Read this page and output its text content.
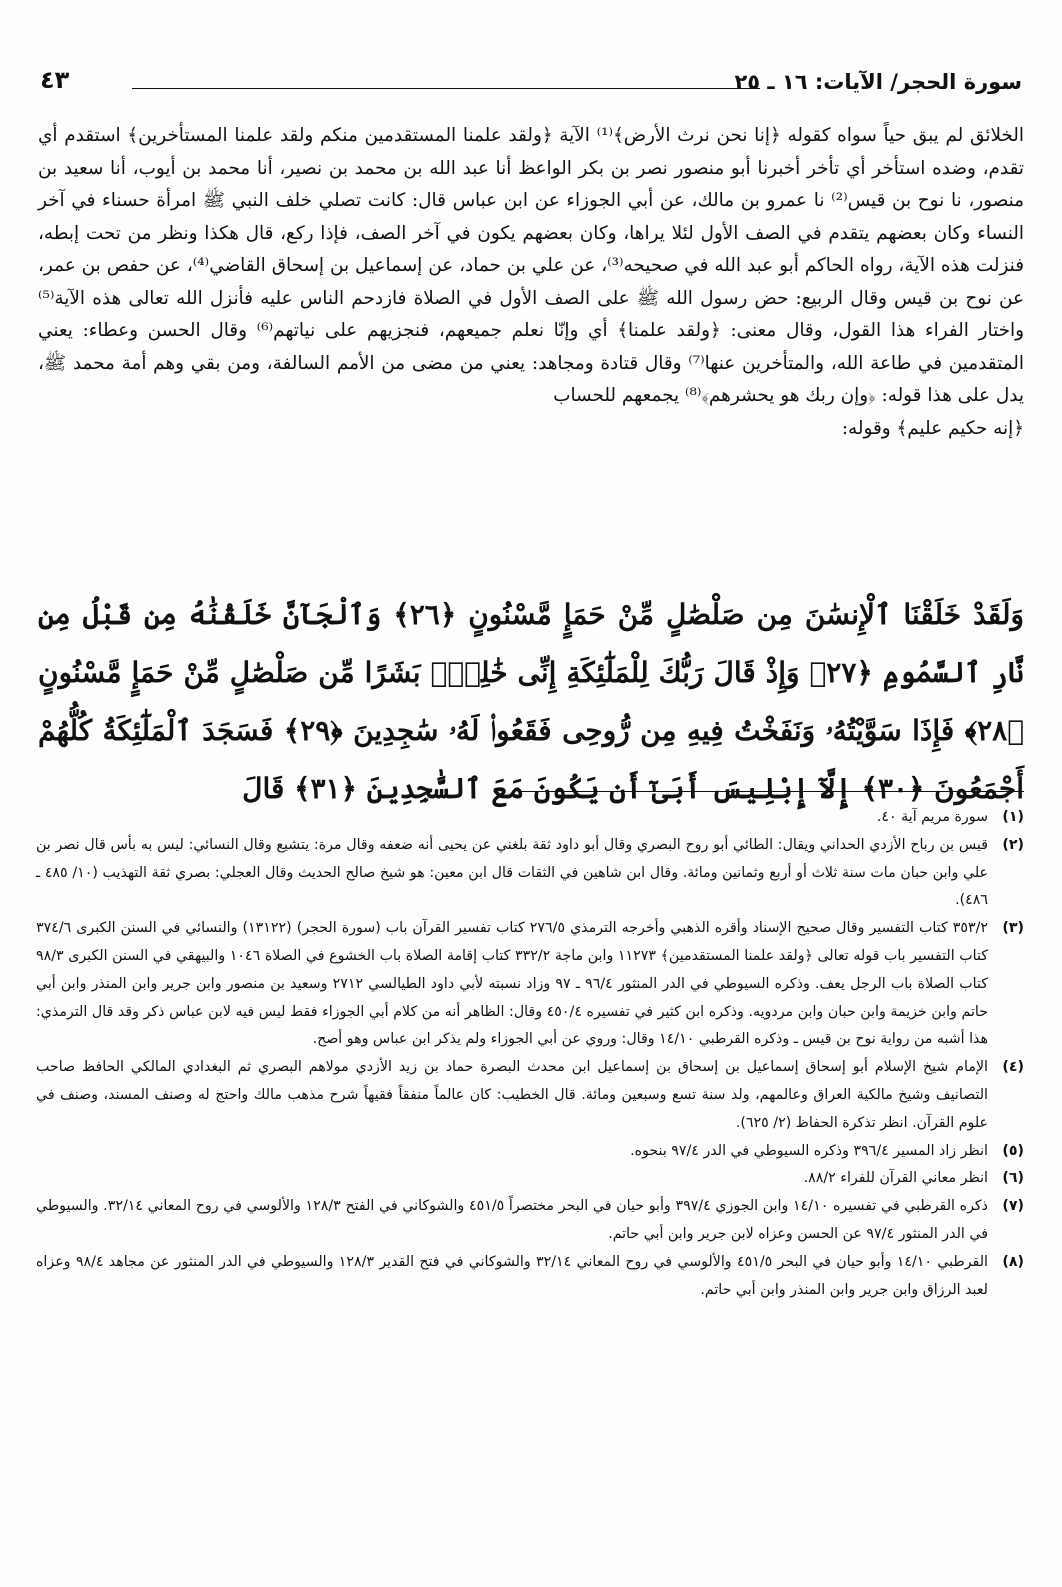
سورة الحجر/ الآيات: ١٦ ـ ٢٥
٤٣

الخلائق لم يبق حياً سواه كقوله ﴿إنا نحن نرث الأرض﴾⁽¹⁾ الآية ﴿ولقد علمنا المستقدمين منكم ولقد علمنا المستأخرين﴾ استقدم أي تقدم، وضده استأخر أي تأخر أخبرنا أبو منصور نصر بن بكر الواعظ أنا عبد الله بن محمد بن نصير، أنا محمد بن أيوب، أنا سعيد بن منصور، نا نوح بن قيس⁽²⁾ نا عمرو بن مالك، عن أبي الجوزاء عن ابن عباس قال: كانت تصلي خلف النبي ﷺ امرأة حسناء في آخر النساء وكان بعضهم يتقدم في الصف الأول لئلا يراها، وكان بعضهم يكون في آخر الصف، فإذا ركع، قال هكذا ونظر من تحت إبطه، فنزلت هذه الآية، رواه الحاكم أبو عبد الله في صحيحه⁽³⁾، عن علي بن حماد، عن إسماعيل بن إسحاق القاضي⁽⁴⁾، عن حفص بن عمر، عن نوح بن قيس وقال الربيع: حض رسول الله ﷺ على الصف الأول في الصلاة فازدحم الناس عليه فأنزل الله تعالى هذه الآية⁽⁵⁾ واختار الفراء هذا القول، وقال معنى: ﴿ولقد علمنا﴾ أي وإنّا نعلم جميعهم، فنجزيهم على نياتهم⁽⁶⁾ وقال الحسن وعطاء: يعني المتقدمين في طاعة الله، والمتأخرين عنها⁽⁷⁾ وقال قتادة ومجاهد: يعني من مضى من الأمم السالفة، ومن بقي وهم أمة محمد ﷺ، يدل على هذا قوله: ﴿وإن ربك هو يحشرهم﴾⁽⁸⁾ يجمعهم للحساب

﴿إنه حكيم عليم﴾ وقوله:

وَلَقَدْ خَلَقْنَا ٱلْإِنسَٰنَ مِن صَلْصَٰلٍ مِّنْ حَمَإٍ مَّسْنُونٍ ﴿٢٦﴾ وَٱلْجَآنَّ خَلَقْنَٰهُ مِن قَبْلُ مِن نَّارِ ٱلسَّمُومِ ﴿٢٧﴾ وَإِذْ قَالَ رَبُّكَ لِلْمَلَٰٓئِكَةِ إِنِّى خَٰلِقٌۢ بَشَرًا مِّن صَلْصَٰلٍ مِّنْ حَمَإٍ مَّسْنُونٍ ﴿٢٨﴾ فَإِذَا سَوَّيْتُهُۥ وَنَفَخْتُ فِيهِ مِن رُّوحِى فَقَعُوا۟ لَهُۥ سَٰجِدِينَ ﴿٢٩﴾ فَسَجَدَ ٱلْمَلَٰٓئِكَةُ كُلُّهُمْ أَجْمَعُونَ ﴿٣٠﴾ إِلَّآ إِبْلِيسَ أَبَىٰٓ أَن يَكُونَ مَعَ ٱلسَّٰجِدِينَ ﴿٣١﴾ قَالَ

(١)
سورة مريم آية ٤٠.

(٢)
قيس بن رباح الأزدي الحداني ويقال: الطائي أبو روح البصري وقال أبو داود ثقة بلغني عن يحيى أنه ضعفه وقال مرة: يتشيع وقال النسائي: ليس به بأس قال نصر بن علي وابن حبان مات سنة ثلاث أو أربع وثمانين ومائة. وقال ابن شاهين في الثقات قال ابن معين: هو شيخ صالح الحديث وقال العجلي: بصري ثقة التهذيب (١٠/ ٤٨٥ ـ ٤٨٦).

(٣)
٣٥٣/٢ كتاب التفسير وقال صحيح الإسناد وأقره الذهبي وأخرجه الترمذي ٢٧٦/٥ كتاب تفسير القرآن باب (سورة الحجر) (١٣١٢٢) والنسائي في السنن الكبرى ٣٧٤/٦ كتاب التفسير باب قوله تعالى ﴿ولقد علمنا المستقدمين﴾ ١١٢٧٣ وابن ماجة ٣٣٢/٢ كتاب إقامة الصلاة باب الخشوع في الصلاة ١٠٤٦ والبيهقي في السنن الكبرى ٩٨/٣ كتاب الصلاة باب الرجل يعف. وذكره السيوطي في الدر المنثور ٩٦/٤ ـ ٩٧ وزاد نسبته لأبي داود الطيالسي ٢٧١٢ وسعيد بن منصور وابن جرير وابن المنذر وابن أبي حاتم وابن خزيمة وابن حبان وابن مردويه. وذكره ابن كثير في تفسيره ٤٥٠/٤ وقال: الظاهر أنه من كلام أبي الجوزاء فقط ليس فيه لابن عباس ذكر وقد قال الترمذي: هذا أشبه من رواية نوح بن قيس ـ وذكره القرطبي ١٤/١٠ وقال: وروي عن أبي الجوزاء ولم يذكر ابن عباس وهو أصح.

(٤)
الإمام شيخ الإسلام أبو إسحاق إسماعيل بن إسحاق بن إسماعيل ابن محدث البصرة حماد بن زيد الأزدي مولاهم البصري ثم البغدادي المالكي الحافظ صاحب التصانيف وشيخ مالكية العراق وعالمهم، ولد سنة تسع وسبعين ومائة. قال الخطيب: كان عالماً منفقاً فقيهاً شرح مذهب مالك واحتج له وصنف المسند، وصنف في علوم القرآن. انظر تذكرة الحفاظ (٢/ ٦٢٥).

(٥)
انظر زاد المسير ٣٩٦/٤ وذكره السيوطي في الدر ٩٧/٤ بنحوه.

(٦)
انظر معاني القرآن للفراء ٨٨/٢.

(٧)
ذكره القرطبي في تفسيره ١٤/١٠ وابن الجوزي ٣٩٧/٤ وأبو حيان في البحر مختصراً ٤٥١/٥ والشوكاني في الفتح ١٢٨/٣ والألوسي في روح المعاني ٣٢/١٤. والسيوطي في الدر المنثور ٩٧/٤ عن الحسن وعزاه لابن جرير وابن أبي حاتم.

(٨)
القرطبي ١٤/١٠ وأبو حيان في البحر ٤٥١/٥ والألوسي في روح المعاني ٣٢/١٤ والشوكاني في فتح القدير ١٢٨/٣ والسيوطي في الدر المنثور عن مجاهد ٩٨/٤ وعزاه لعبد الرزاق وابن جرير وابن المنذر وابن أبي حاتم.
